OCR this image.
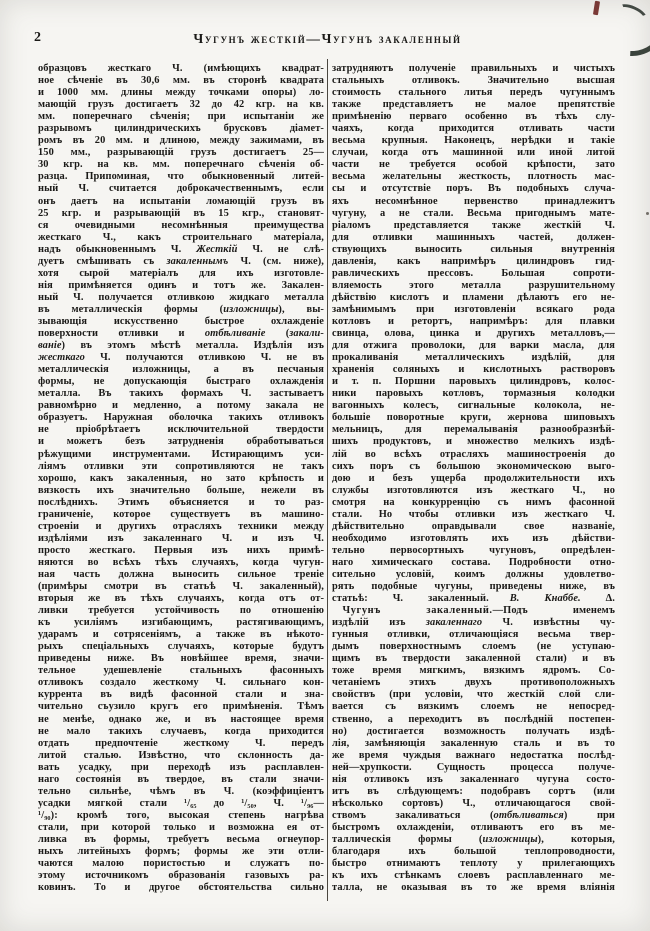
2	Чугунъ жесткій—Чугунъ закаленный
образцовъ жесткаго Ч. (имѣющихъ квадрат-
ное сѣченіе въ 30,6 мм. въ сторонѣ квадрата
и 1000 мм. длины между точками опоры) ло-
мающій грузъ достигаетъ 32 до 42 кгр. на кв.
мм. поперечнаго сѣченія; при испытаніи же
разрывомъ цилиндрическихъ брусковъ діамет-
ромъ въ 20 мм. и длиною, между зажимами, въ
150 мм., разрывающій грузъ достигаетъ 25—
30 кгр. на кв. мм. поперечнаго сѣченія об-
разца. Припоминая, что обыкновенный литей-
ный Ч. считается доброкачественнымъ, если
онъ даетъ на испытаніи ломающій грузъ въ
25 кгр. и разрывающій въ 15 кгр., становят-
ся очевидными несомнѣнныя преимущества
жесткаго Ч., какъ строительнаго матеріала,
надъ обыкновеннымъ Ч. Жесткій Ч. не слѣ-
дуетъ смѣшивать съ закаленнымъ Ч. (см. ниже),
хотя сырой матеріалъ для ихъ изготовле-
нія примѣняется одинъ и тотъ же. Закален-
ный Ч. получается отливкою жидкаго металла
въ металлическія формы (изложницы), вы-
зывающія искусственно быстрое охлажденіе
поверхности отливки и отбѣливаніе (закали-
ваніе) въ этомъ мѣстѣ металла. Издѣлія изъ
жесткаго Ч. получаются отливкою Ч. не въ
металлическія изложницы, а въ песчаныя
формы, не допускающія быстраго охлажденія
металла. Въ такихъ формахъ Ч. застываетъ
равномѣрно и медленно, а потому закала не
образуетъ. Наружная оболочка такихъ отливокъ
не пріобрѣтаетъ исключительной твердости
и можетъ безъ затрудненія обработываться
рѣжущими инструментами. Истирающимъ уси-
ліямъ отливки эти сопротивляются не такъ
хорошо, какъ закаленныя, но зато крѣпость и
вязкость ихъ значительно больше, нежели въ
послѣднихъ. Этимъ объясняется и то раз-
граниченіе, которое существуетъ въ машино-
строеніи и другихъ отрасляхъ техники между
издѣліями изъ закаленнаго Ч. и изъ Ч.
просто жесткаго. Первыя изъ нихъ примѣ-
няются во всѣхъ тѣхъ случаяхъ, когда чугун-
ная часть должна выносить сильное треніе
(примѣры смотри въ статьѣ Ч. закаленный),
вторыя же въ тѣхъ случаяхъ, когда отъ от-
ливки требуется устойчивость по отношенію
къ усиліямъ изгибающимъ, растягивающимъ,
ударамъ и сотрясеніямъ, а также въ нѣкото-
рыхъ спеціальныхъ случаяхъ, которые будутъ
приведены ниже. Въ новѣйшее время, значи-
тельное удешевленіе стальныхъ фасонныхъ
отливокъ создало жесткому Ч. сильнаго кон-
куррента въ видѣ фасонной стали и зна-
чительно съузило кругъ его примѣненія. Тѣмъ
не менѣе, однако же, и въ настоящее время
не мало такихъ случаевъ, когда приходится
отдать предпочтеніе жесткому Ч. передъ
литой сталью. Извѣстно, что склонность да-
вать усадку, при переходѣ изъ расплавлен-
наго состоянія въ твердое, въ стали значи-
тельно сильнѣе, чѣмъ въ Ч. (коэффиціентъ
усадки мягкой стали ¹/₆₅ до ¹/₅₀, Ч. ¹/₉₆—
¹/₉₀): кромѣ того, высокая степень нагрѣва
стали, при которой только и возможна ея от-
ливка въ формы, требуетъ весьма огнеупор-
ныхъ литейныхъ формъ; формы же эти отли-
чаются малою пористостью и служатъ по-
этому источникомъ образованія газовыхъ ра-
ковинъ. То и другое обстоятельства сильно
затрудняютъ полученіе правильныхъ и чистыхъ
стальныхъ отливокъ. Значительно высшая
стоимость стального литья передъ чугуннымъ
также представляетъ не малое препятствіе
примѣненію перваго особенно въ тѣхъ слу-
чаяхъ, когда приходится отливать части
весьма крупныя. Наконецъ, нерѣдки и такіе
случаи, когда отъ машинной или иной литой
части не требуется особой крѣпости, зато
весьма желательны жесткость, плотность мас-
сы и отсутствіе поръ. Въ подобныхъ случа-
яхъ несомнѣнное первенство принадлежитъ
чугуну, а не стали. Весьма пригоднымъ мате-
ріаломъ представляется также жесткій Ч.
для отливки машинныхъ частей, должен-
ствующихъ выносить сильныя внутреннія
давленія, какъ напримѣръ цилиндровъ гид-
равлическихъ прессовъ. Большая сопроти-
вляемость этого металла разрушительному
дѣйствію кислотъ и пламени дѣлаютъ его не-
замѣнимымъ при изготовленіи всякаго рода
котловъ и ретортъ, напримѣръ: для плавки
свинца, олова, цинка и другихъ металловъ,—
для отжига проволоки, для варки масла, для
прокаливанія металлическихъ издѣлій, для
храненія соляныхъ и кислотныхъ растворовъ
и т. п. Поршни паровыхъ цилиндровъ, колос-
ники паровыхъ котловъ, тормазныя колодки
вагонныхъ колесъ, сигнальные колокола, не-
большіе поворотные круги, жернова шиповыхъ
мельницъ, для перемалыванія разнообразнѣй-
шихъ продуктовъ, и множество мелкихъ издѣ-
лій во всѣхъ отрасляхъ машиностроенія до
сихъ поръ съ большою экономическою выго-
дою и безъ ущерба продолжительности ихъ
службы изготовляются изъ жесткаго Ч., но
смотря на конкурренцію съ нимъ фасонной
стали. Но чтобы отливки изъ жесткаго Ч.
дѣйствительно оправдывали свое названіе,
необходимо изготовлять ихъ изъ дѣйстви-
тельно первосортныхъ чугуновъ, опредѣлен-
наго химическаго состава. Подробности отно-
сительно условій, коимъ должны удовлетво-
рять подобные чугуны, приведены ниже, въ
статьѣ: Ч. закаленный.  В. Кнаббе. Δ.
 Чугунъ закаленный.—Подъ именемъ
издѣлій изъ закаленнаго Ч. извѣстны чу-
гунныя отливки, отличающіяся весьма твер-
дымъ поверхностнымъ слоемъ (не уступаю-
щимъ въ твердости закаленной стали) и въ
тоже время мягкимъ, вязкимъ ядромъ. Со-
четаніемъ этихъ двухъ противоположныхъ
свойствъ (при условіи, что жесткій слой сли-
вается съ вязкимъ слоемъ не непосред-
ственно, а переходитъ въ послѣдній постепен-
но) достигается возможность получать издѣ-
лія, замѣняющія закаленную сталь и въ то
же время чуждыя важнаго недостатка послѣд-
ней—хрупкости. Сущность процесса получе-
нія отливокъ изъ закаленнаго чугуна состо-
итъ въ слѣдующемъ: подобравъ сортъ (или
нѣсколько сортовъ) Ч., отличающагося свой-
ствомъ закаливаться (отбѣливаться) при
быстромъ охлажденіи, отливаютъ его въ ме-
таллическія формы (изложницы), которыя,
благодаря ихъ большой теплопроводности,
быстро отнимаютъ теплоту у прилегающихъ
къ ихъ стѣнкамъ слоевъ расплавленнаго ме-
талла, не оказывая въ то же время вліянія
